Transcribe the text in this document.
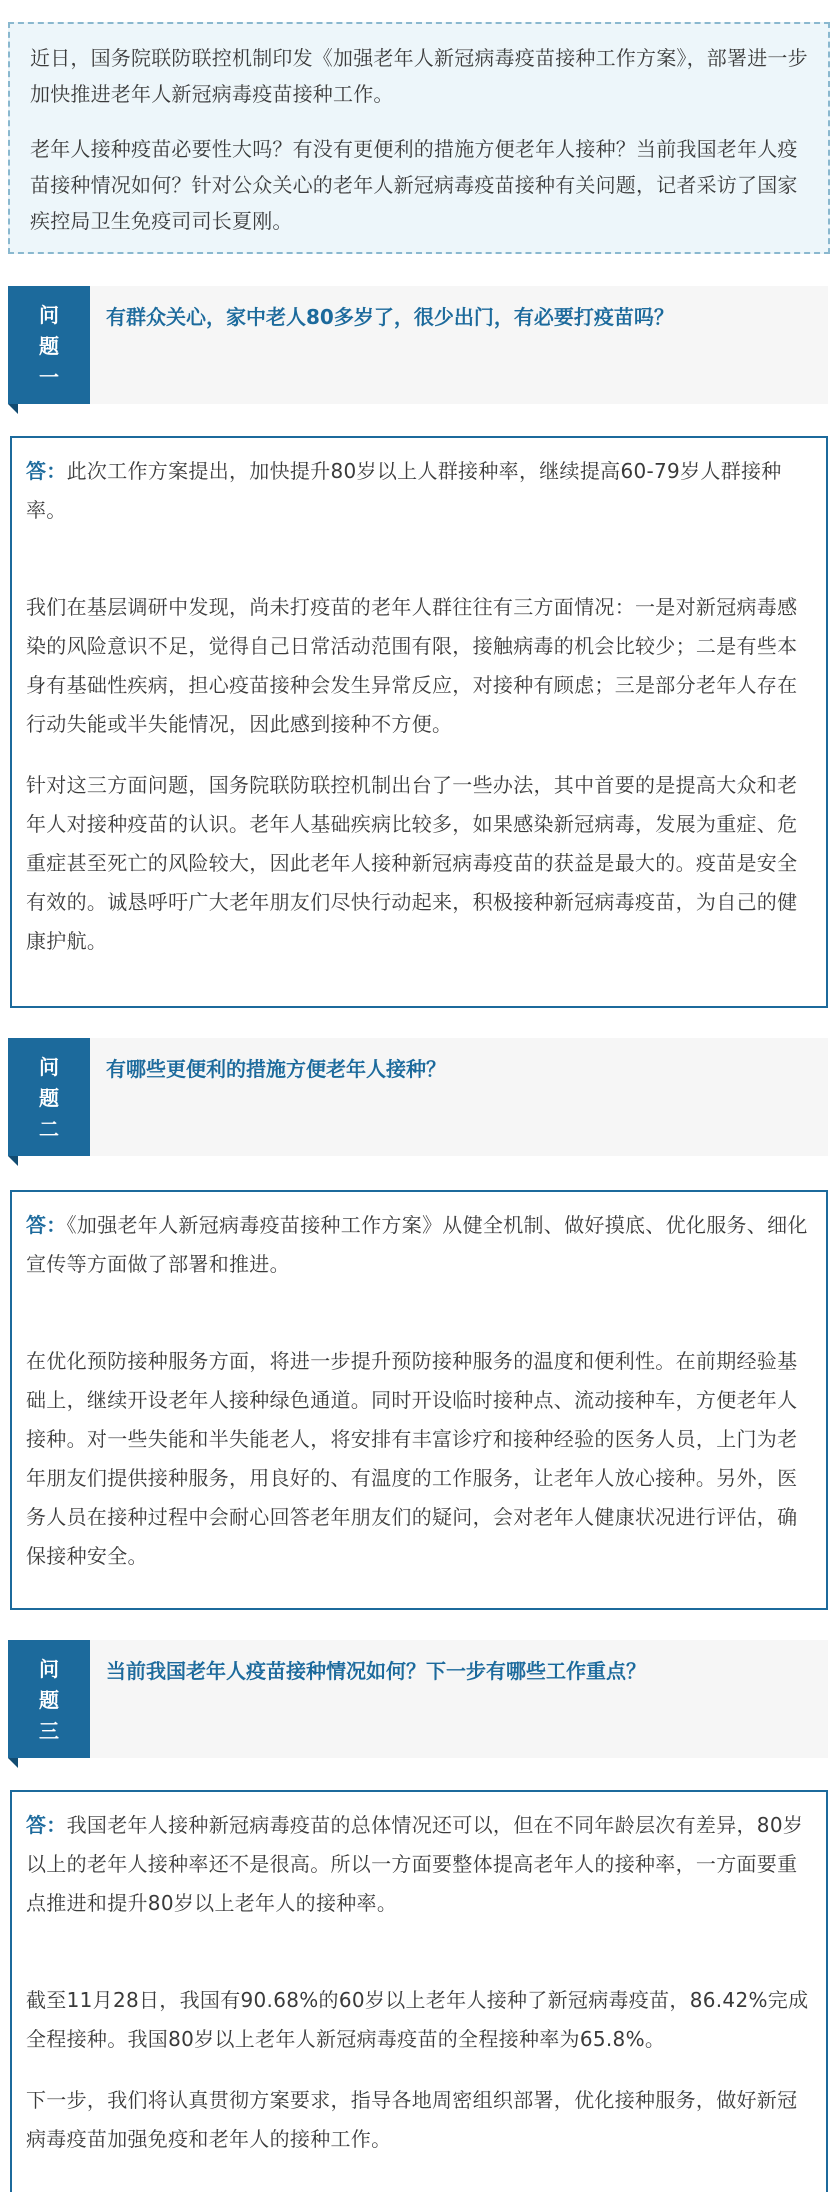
近日，国务院联防联控机制印发《加强老年人新冠病毒疫苗接种工作方案》，部署进一步加快推进老年人新冠病毒疫苗接种工作。

老年人接种疫苗必要性大吗？有没有更便利的措施方便老年人接种？当前我国老年人疫苗接种情况如何？针对公众关心的老年人新冠病毒疫苗接种有关问题，记者采访了国家疾控局卫生免疫司司长夏刚。

问
题
一
有群众关心，家中老人80多岁了，很少出门，有必要打疫苗吗？

答：此次工作方案提出，加快提升80岁以上人群接种率，继续提高60-79岁人群接种率。

我们在基层调研中发现，尚未打疫苗的老年人群往往有三方面情况：一是对新冠病毒感染的风险意识不足，觉得自己日常活动范围有限，接触病毒的机会比较少；二是有些本身有基础性疾病，担心疫苗接种会发生异常反应，对接种有顾虑；三是部分老年人存在行动失能或半失能情况，因此感到接种不方便。

针对这三方面问题，国务院联防联控机制出台了一些办法，其中首要的是提高大众和老年人对接种疫苗的认识。老年人基础疾病比较多，如果感染新冠病毒，发展为重症、危重症甚至死亡的风险较大，因此老年人接种新冠病毒疫苗的获益是最大的。疫苗是安全有效的。诚恳呼吁广大老年朋友们尽快行动起来，积极接种新冠病毒疫苗，为自己的健康护航。

问
题
二
有哪些更便利的措施方便老年人接种？

答：《加强老年人新冠病毒疫苗接种工作方案》从健全机制、做好摸底、优化服务、细化宣传等方面做了部署和推进。

在优化预防接种服务方面，将进一步提升预防接种服务的温度和便利性。在前期经验基础上，继续开设老年人接种绿色通道。同时开设临时接种点、流动接种车，方便老年人接种。对一些失能和半失能老人，将安排有丰富诊疗和接种经验的医务人员，上门为老年朋友们提供接种服务，用良好的、有温度的工作服务，让老年人放心接种。另外，医务人员在接种过程中会耐心回答老年朋友们的疑问，会对老年人健康状况进行评估，确保接种安全。

问
题
三
当前我国老年人疫苗接种情况如何？下一步有哪些工作重点？

答：我国老年人接种新冠病毒疫苗的总体情况还可以，但在不同年龄层次有差异，80岁以上的老年人接种率还不是很高。所以一方面要整体提高老年人的接种率，一方面要重点推进和提升80岁以上老年人的接种率。

截至11月28日，我国有90.68%的60岁以上老年人接种了新冠病毒疫苗，86.42%完成全程接种。我国80岁以上老年人新冠病毒疫苗的全程接种率为65.8%。

下一步，我们将认真贯彻方案要求，指导各地周密组织部署，优化接种服务，做好新冠病毒疫苗加强免疫和老年人的接种工作。
